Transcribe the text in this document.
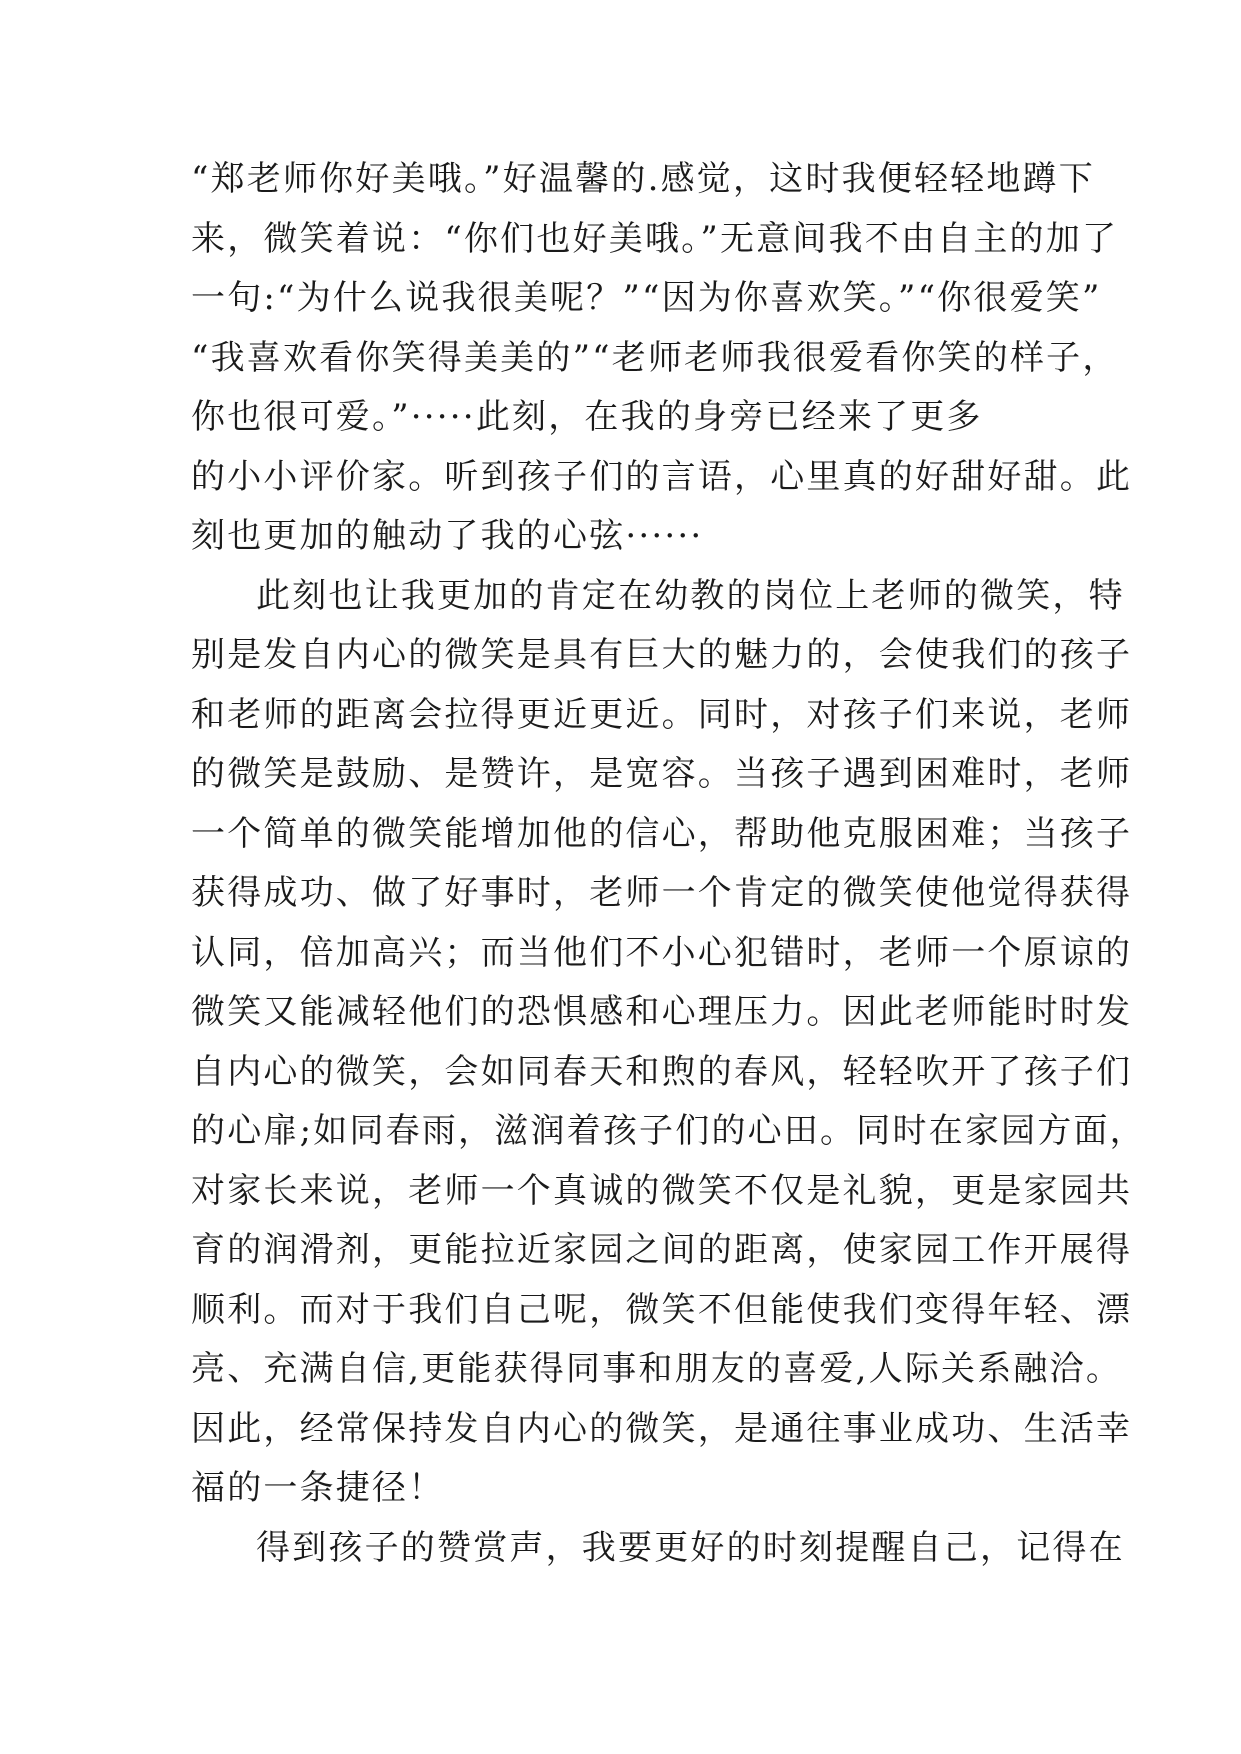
“郑老师你好美哦。”好温馨的.感觉，这时我便轻轻地蹲下
来，微笑着说：“你们也好美哦。”无意间我不由自主的加了
一句:“为什么说我很美呢？”“因为你喜欢笑。”“你很爱笑”
“我喜欢看你笑得美美的”“老师老师我很爱看你笑的样子，
你也很可爱。”·····此刻，在我的身旁已经来了更多
的小小评价家。听到孩子们的言语，心里真的好甜好甜。此
刻也更加的触动了我的心弦······
此刻也让我更加的肯定在幼教的岗位上老师的微笑，特
别是发自内心的微笑是具有巨大的魅力的，会使我们的孩子
和老师的距离会拉得更近更近。同时，对孩子们来说，老师
的微笑是鼓励、是赞许，是宽容。当孩子遇到困难时，老师
一个简单的微笑能增加他的信心，帮助他克服困难；当孩子
获得成功、做了好事时，老师一个肯定的微笑使他觉得获得
认同，倍加高兴；而当他们不小心犯错时，老师一个原谅的
微笑又能减轻他们的恐惧感和心理压力。因此老师能时时发
自内心的微笑，会如同春天和煦的春风，轻轻吹开了孩子们
的心扉;如同春雨，滋润着孩子们的心田。同时在家园方面，
对家长来说，老师一个真诚的微笑不仅是礼貌，更是家园共
育的润滑剂，更能拉近家园之间的距离，使家园工作开展得
顺利。而对于我们自己呢，微笑不但能使我们变得年轻、漂
亮、充满自信,更能获得同事和朋友的喜爱,人际关系融洽。
因此，经常保持发自内心的微笑，是通往事业成功、生活幸
福的一条捷径！
得到孩子的赞赏声，我要更好的时刻提醒自己，记得在
